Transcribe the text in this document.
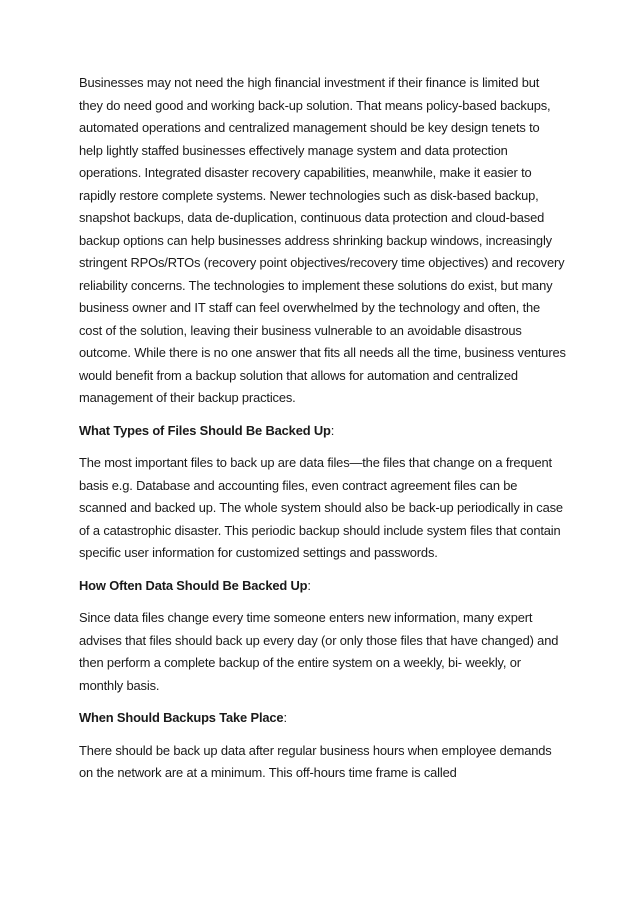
Businesses may not need the high financial investment if their finance is limited but they do need good and working back-up solution. That means policy-based backups, automated operations and centralized management should be key design tenets to help lightly staffed businesses effectively manage system and data protection operations. Integrated disaster recovery capabilities, meanwhile, make it easier to rapidly restore complete systems. Newer technologies such as disk-based backup, snapshot backups, data de-duplication, continuous data protection and cloud-based backup options can help businesses address shrinking backup windows, increasingly stringent RPOs/RTOs (recovery point objectives/recovery time objectives) and recovery reliability concerns. The technologies to implement these solutions do exist, but many business owner and IT staff can feel overwhelmed by the technology and often, the cost of the solution, leaving their business vulnerable to an avoidable disastrous outcome. While there is no one answer that fits all needs all the time, business ventures would benefit from a backup solution that allows for automation and centralized management of their backup practices.

What Types of Files Should Be Backed Up:

The most important files to back up are data files—the files that change on a frequent basis e.g. Database and accounting files, even contract agreement files can be scanned and backed up. The whole system should also be back-up periodically in case of a catastrophic disaster. This periodic backup should include system files that contain specific user information for customized settings and passwords.

How Often Data Should Be Backed Up:

Since data files change every time someone enters new information, many expert advises that files should back up every day (or only those files that have changed) and then perform a complete backup of the entire system on a weekly, bi- weekly, or monthly basis.

When Should Backups Take Place:

There should be back up data after regular business hours when employee demands on the network are at a minimum. This off-hours time frame is called
